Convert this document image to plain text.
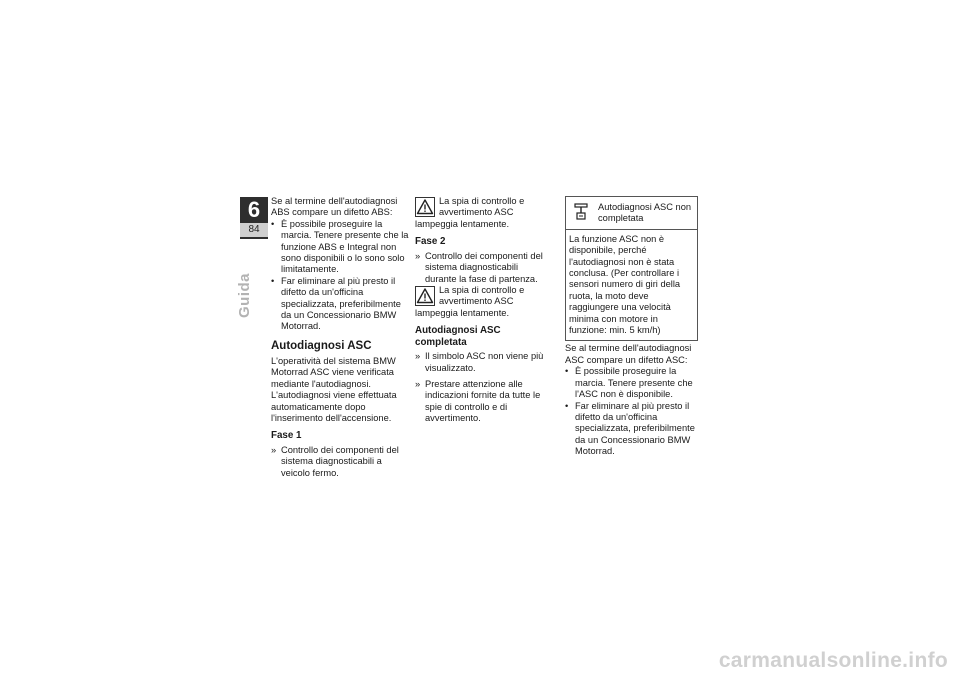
6
84
Guida

Se al termine dell'autodiagnosi ABS compare un difetto ABS:

• È possibile proseguire la marcia. Tenere presente che la funzione ABS e Integral non sono disponibili o lo sono solo limitatamente.

• Far eliminare al più presto il difetto da un'officina specializzata, preferibilmente da un Concessionario BMW Motorrad.

Autodiagnosi ASC

L'operatività del sistema BMW Motorrad ASC viene verificata mediante l'autodiagnosi. L'autodiagnosi viene effettuata automaticamente dopo l'inserimento dell'accensione.

Fase 1

» Controllo dei componenti del sistema diagnosticabili a veicolo fermo.

La spia di controllo e avvertimento ASC lampeggia lentamente.

Fase 2

» Controllo dei componenti del sistema diagnosticabili durante la fase di partenza.

La spia di controllo e avvertimento ASC lampeggia lentamente.

Autodiagnosi ASC completata

» Il simbolo ASC non viene più visualizzato.

» Prestare attenzione alle indicazioni fornite da tutte le spie di controllo e di avvertimento.

Autodiagnosi ASC non completata

La funzione ASC non è disponibile, perché l'autodiagnosi non è stata conclusa. (Per controllare i sensori numero di giri della ruota, la moto deve raggiungere una velocità minima con motore in funzione: min. 5 km/h)

Se al termine dell'autodiagnosi ASC compare un difetto ASC:

• È possibile proseguire la marcia. Tenere presente che l'ASC non è disponibile.

• Far eliminare al più presto il difetto da un'officina specializzata, preferibilmente da un Concessionario BMW Motorrad.

carmanualsonline.info
